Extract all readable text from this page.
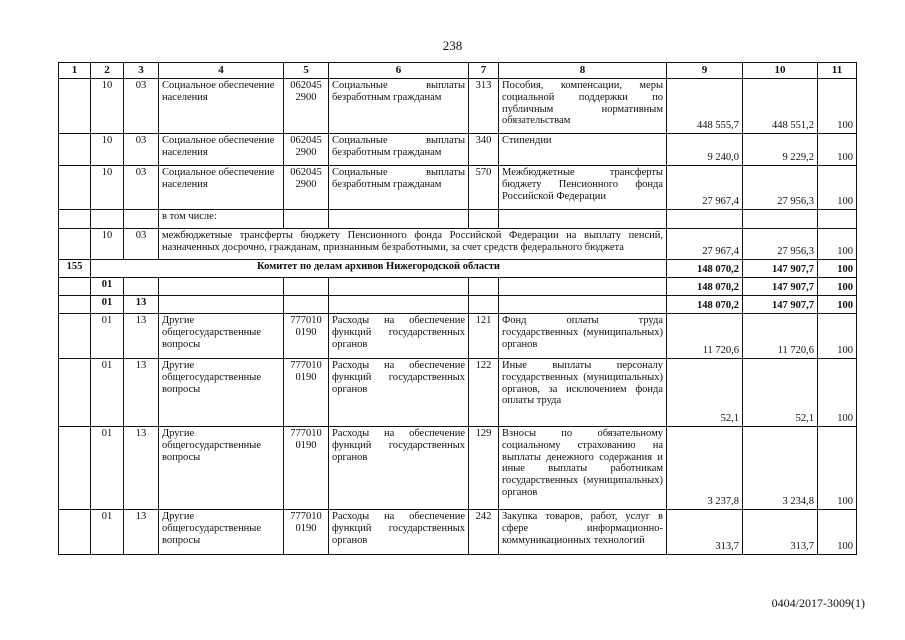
238
1	2	3	4	5	6	7	8	9	10	11
	10	03	Социальное обеспечение населения	062045 2900	Социальные выплаты безработным гражданам	313	Пособия, компенсации, меры социальной поддержки по публичным нормативным обязательствам	448 555,7	448 551,2	100
	10	03	Социальное обеспечение населения	062045 2900	Социальные выплаты безработным гражданам	340	Стипендии	9 240,0	9 229,2	100
	10	03	Социальное обеспечение населения	062045 2900	Социальные выплаты безработным гражданам	570	Межбюджетные трансферты бюджету Пенсионного фонда Российской Федерации	27 967,4	27 956,3	100
			в том числе:							
	10	03	межбюджетные трансферты бюджету Пенсионного фонда Российской Федерации на выплату пенсий, назначенных досрочно, гражданам, признанным безработными, за счет средств федерального бюджета					27 967,4	27 956,3	100
155	Комитет по делам архивов Нижегородской области							148 070,2	147 907,7	100
	01							148 070,2	147 907,7	100
	01	13						148 070,2	147 907,7	100
	01	13	Другие общегосударственные вопросы	777010 0190	Расходы на обеспечение функций государственных органов	121	Фонд оплаты труда государственных (муниципальных) органов	11 720,6	11 720,6	100
	01	13	Другие общегосударственные вопросы	777010 0190	Расходы на обеспечение функций государственных органов	122	Иные выплаты персоналу государственных (муниципальных) органов, за исключением фонда оплаты труда	52,1	52,1	100
	01	13	Другие общегосударственные вопросы	777010 0190	Расходы на обеспечение функций государственных органов	129	Взносы по обязательному социальному страхованию на выплаты денежного содержания и иные выплаты работникам государственных (муниципальных) органов	3 237,8	3 234,8	100
	01	13	Другие общегосударственные вопросы	777010 0190	Расходы на обеспечение функций государственных органов	242	Закупка товаров, работ, услуг в сфере информационно-коммуникационных технологий	313,7	313,7	100
0404/2017-3009(1)
